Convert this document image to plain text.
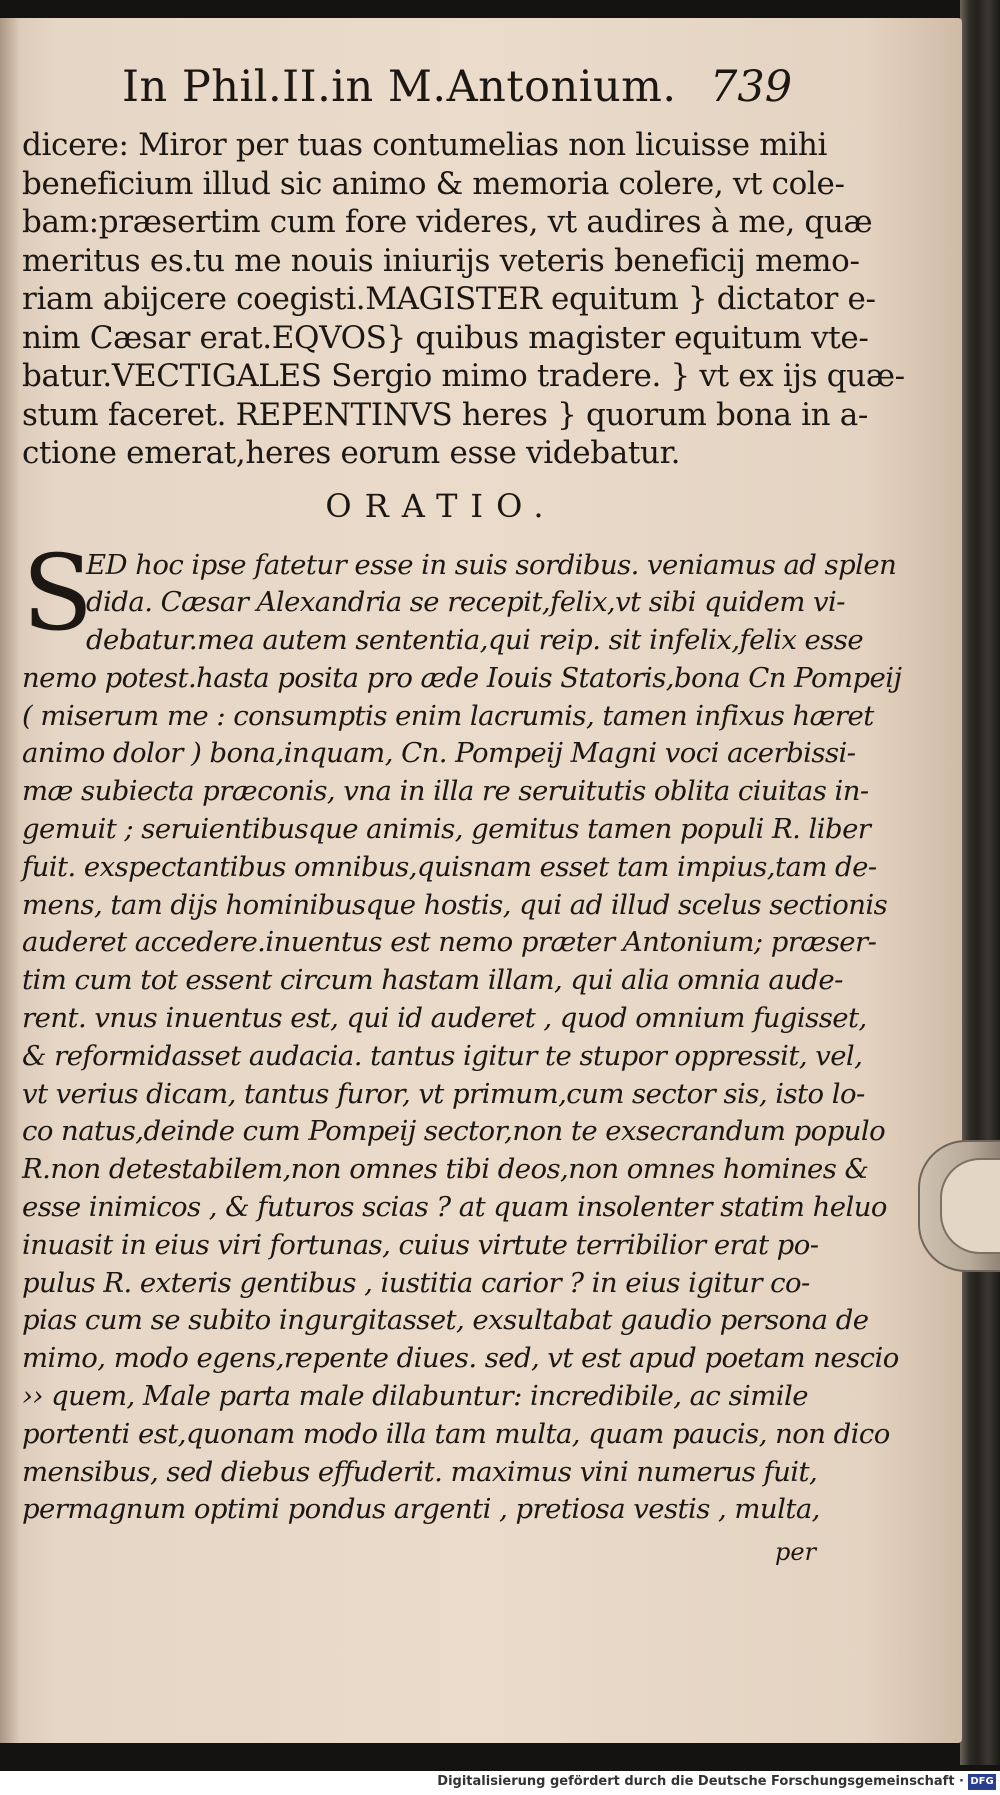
In Phil.II.in M.Antonium. 739
dicere: Miror per tuas contumelias non licuisse mihi
beneficium illud sic animo & memoria colere, vt cole-
bam:præsertim cum fore videres, vt audires à me, quæ
meritus es.tu me nouis iniurijs veteris beneficij memo-
riam abijcere coegisti.MAGISTER equitum } dictator e-
nim Cæsar erat.EQVOS} quibus magister equitum vte-
batur.VECTIGALES Sergio mimo tradere. } vt ex ijs quæ-
stum faceret. REPENTINVS heres } quorum bona in a-
ctione emerat,heres eorum esse videbatur.
ORATIO.
S
ED hoc ipse fatetur esse in suis sordibus. veniamus ad splen
dida. Cæsar Alexandria se recepit,felix,vt sibi quidem vi-
debatur.mea autem sententia,qui reip. sit infelix,felix esse
nemo potest.hasta posita pro æde Iouis Statoris,bona Cn Pompeij
( miserum me : consumptis enim lacrumis, tamen infixus hæret
animo dolor ) bona,inquam, Cn. Pompeij Magni voci acerbissi-
mæ subiecta præconis, vna in illa re seruitutis oblita ciuitas in-
gemuit ; seruientibusque animis, gemitus tamen populi R. liber
fuit. exspectantibus omnibus,quisnam esset tam impius,tam de-
mens, tam dijs hominibusque hostis, qui ad illud scelus sectionis
auderet accedere.inuentus est nemo præter Antonium; præser-
tim cum tot essent circum hastam illam, qui alia omnia aude-
rent. vnus inuentus est, qui id auderet , quod omnium fugisset,
& reformidasset audacia. tantus igitur te stupor oppressit, vel,
vt verius dicam, tantus furor, vt primum,cum sector sis, isto lo-
co natus,deinde cum Pompeij sector,non te exsecrandum populo
R.non detestabilem,non omnes tibi deos,non omnes homines &
esse inimicos , & futuros scias ? at quam insolenter statim heluo
inuasit in eius viri fortunas, cuius virtute terribilior erat po-
pulus R. exteris gentibus , iustitia carior ? in eius igitur co-
pias cum se subito ingurgitasset, exsultabat gaudio persona de
mimo, modo egens,repente diues. sed, vt est apud poetam nescio
›› quem, Male parta male dilabuntur: incredibile, ac simile
portenti est,quonam modo illa tam multa, quam paucis, non dico
mensibus, sed diebus effuderit. maximus vini numerus fuit,
permagnum optimi pondus argenti , pretiosa vestis , multa,
per
Digitalisierung gefördert durch die Deutsche Forschungsgemeinschaft · DFG
